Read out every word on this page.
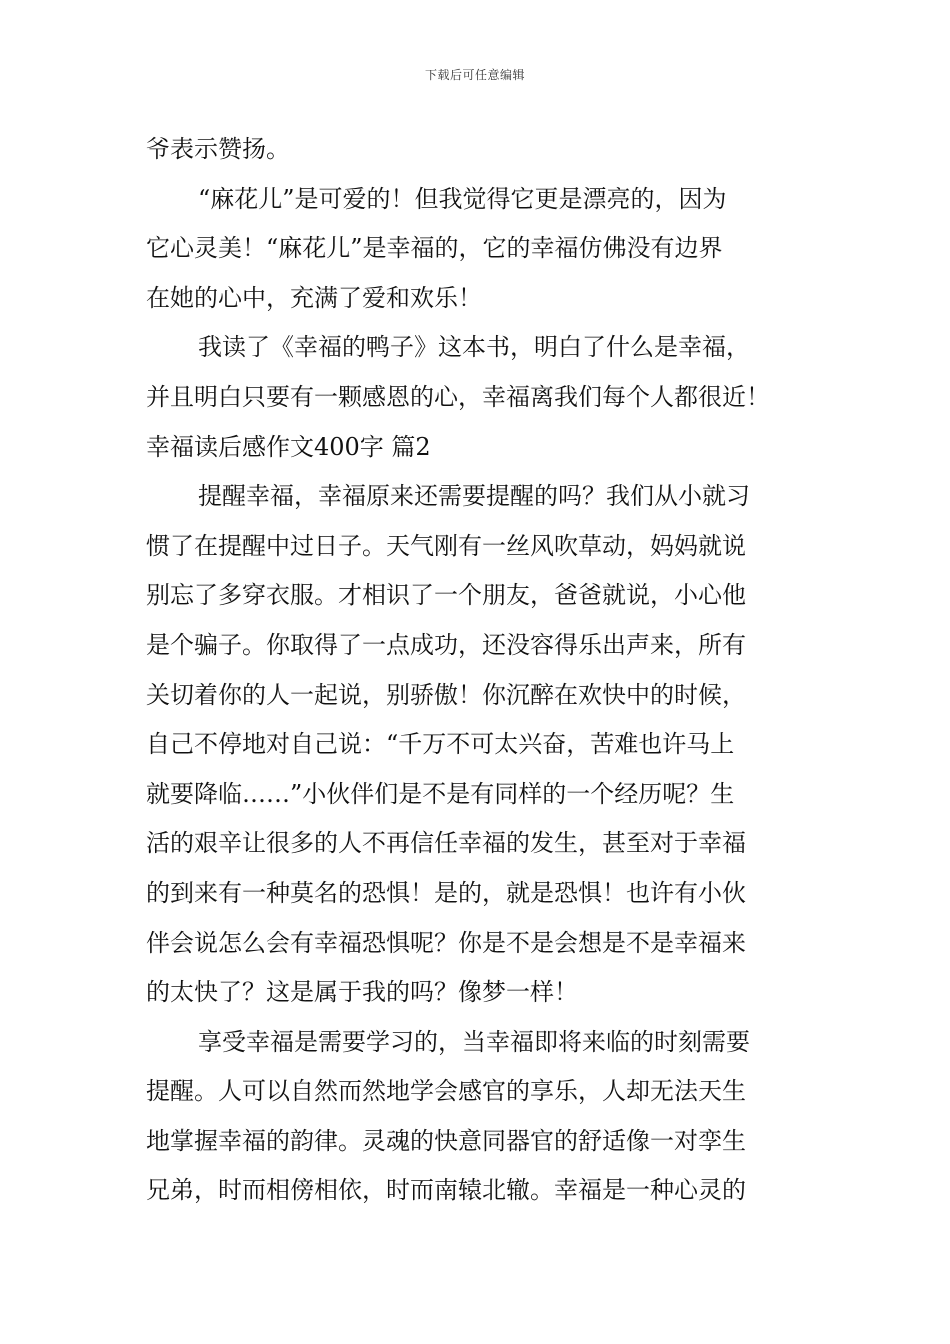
下载后可任意编辑
爷表示赞扬。
“麻花儿”是可爱的！但我觉得它更是漂亮的，因为
它心灵美！“麻花儿”是幸福的，它的幸福仿佛没有边界
在她的心中，充满了爱和欢乐！
我读了《幸福的鸭子》这本书，明白了什么是幸福，
并且明白只要有一颗感恩的心，幸福离我们每个人都很近！
幸福读后感作文400字 篇2
提醒幸福，幸福原来还需要提醒的吗？我们从小就习
惯了在提醒中过日子。天气刚有一丝风吹草动，妈妈就说
别忘了多穿衣服。才相识了一个朋友，爸爸就说，小心他
是个骗子。你取得了一点成功，还没容得乐出声来，所有
关切着你的人一起说，别骄傲！你沉醉在欢快中的时候，
自己不停地对自己说：“千万不可太兴奋，苦难也许马上
就要降临……”小伙伴们是不是有同样的一个经历呢？生
活的艰辛让很多的人不再信任幸福的发生，甚至对于幸福
的到来有一种莫名的恐惧！是的，就是恐惧！也许有小伙
伴会说怎么会有幸福恐惧呢？你是不是会想是不是幸福来
的太快了？这是属于我的吗？像梦一样！
享受幸福是需要学习的，当幸福即将来临的时刻需要
提醒。人可以自然而然地学会感官的享乐，人却无法天生
地掌握幸福的韵律。灵魂的快意同器官的舒适像一对孪生
兄弟，时而相傍相依，时而南辕北辙。幸福是一种心灵的
